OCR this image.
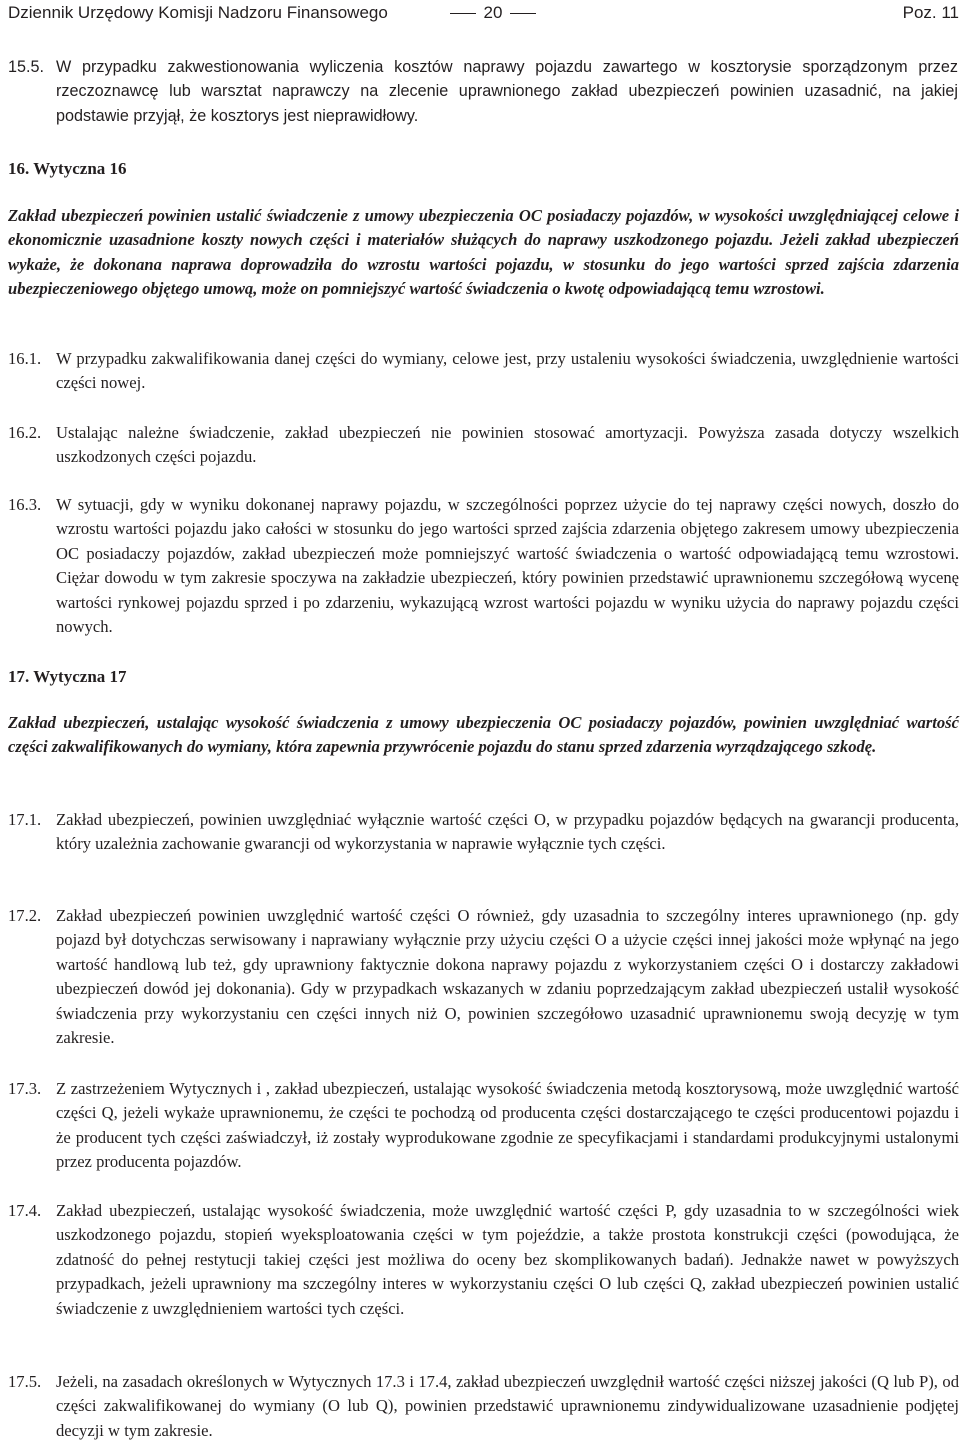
Dziennik Urzędowy Komisji Nadzoru Finansowego	20	Poz. 11
15.5. W przypadku zakwestionowania wyliczenia kosztów naprawy pojazdu zawartego w kosztorysie sporządzonym przez rzeczoznawcę lub warsztat naprawczy na zlecenie uprawnionego zakład ubezpieczeń powinien uzasadnić, na jakiej podstawie przyjął, że kosztorys jest nieprawidłowy.
16. Wytyczna 16
Zakład ubezpieczeń powinien ustalić świadczenie z umowy ubezpieczenia OC posiadaczy pojazdów, w wysokości uwzględniającej celowe i ekonomicznie uzasadnione koszty nowych części i materiałów służących do naprawy uszkodzonego pojazdu. Jeżeli zakład ubezpieczeń wykaże, że dokonana naprawa doprowadziła do wzrostu wartości pojazdu, w stosunku do jego wartości sprzed zajścia zdarzenia ubezpieczeniowego objętego umową, może on pomniejszyć wartość świadczenia o kwotę odpowiadającą temu wzrostowi.
16.1. W przypadku zakwalifikowania danej części do wymiany, celowe jest, przy ustaleniu wysokości świadczenia, uwzględnienie wartości części nowej.
16.2. Ustalając należne świadczenie, zakład ubezpieczeń nie powinien stosować amortyzacji. Powyższa zasada dotyczy wszelkich uszkodzonych części pojazdu.
16.3. W sytuacji, gdy w wyniku dokonanej naprawy pojazdu, w szczególności poprzez użycie do tej naprawy części nowych, doszło do wzrostu wartości pojazdu jako całości w stosunku do jego wartości sprzed zajścia zdarzenia objętego zakresem umowy ubezpieczenia OC posiadaczy pojazdów, zakład ubezpieczeń może pomniejszyć wartość świadczenia o wartość odpowiadającą temu wzrostowi. Ciężar dowodu w tym zakresie spoczywa na zakładzie ubezpieczeń, który powinien przedstawić uprawnionemu szczegółową wycenę wartości rynkowej pojazdu sprzed i po zdarzeniu, wykazującą wzrost wartości pojazdu w wyniku użycia do naprawy pojazdu części nowych.
17. Wytyczna 17
Zakład ubezpieczeń, ustalając wysokość świadczenia z umowy ubezpieczenia OC posiadaczy pojazdów, powinien uwzględniać wartość części zakwalifikowanych do wymiany, która zapewnia przywrócenie pojazdu do stanu sprzed zdarzenia wyrządzającego szkodę.
17.1. Zakład ubezpieczeń, powinien uwzględniać wyłącznie wartość części O, w przypadku pojazdów będących na gwarancji producenta, który uzależnia zachowanie gwarancji od wykorzystania w naprawie wyłącznie tych części.
17.2. Zakład ubezpieczeń powinien uwzględnić wartość części O również, gdy uzasadnia to szczególny interes uprawnionego (np. gdy pojazd był dotychczas serwisowany i naprawiany wyłącznie przy użyciu części O a użycie części innej jakości może wpłynąć na jego wartość handlową lub też, gdy uprawniony faktycznie dokona naprawy pojazdu z wykorzystaniem części O i dostarczy zakładowi ubezpieczeń dowód jej dokonania). Gdy w przypadkach wskazanych w zdaniu poprzedzającym zakład ubezpieczeń ustalił wysokość świadczenia przy wykorzystaniu cen części innych niż O, powinien szczegółowo uzasadnić uprawnionemu swoją decyzję w tym zakresie.
17.3. Z zastrzeżeniem Wytycznych i , zakład ubezpieczeń, ustalając wysokość świadczenia metodą kosztorysową, może uwzględnić wartość części Q, jeżeli wykaże uprawnionemu, że części te pochodzą od producenta części dostarczającego te części producentowi pojazdu i że producent tych części zaświadczył, iż zostały wyprodukowane zgodnie ze specyfikacjami i standardami produkcyjnymi ustalonymi przez producenta pojazdów.
17.4. Zakład ubezpieczeń, ustalając wysokość świadczenia, może uwzględnić wartość części P, gdy uzasadnia to w szczególności wiek uszkodzonego pojazdu, stopień wyeksploatowania części w tym pojeździe, a także prostota konstrukcji części (powodująca, że zdatność do pełnej restytucji takiej części jest możliwa do oceny bez skomplikowanych badań). Jednakże nawet w powyższych przypadkach, jeżeli uprawniony ma szczególny interes w wykorzystaniu części O lub części Q, zakład ubezpieczeń powinien ustalić świadczenie z uwzględnieniem wartości tych części.
17.5. Jeżeli, na zasadach określonych w Wytycznych 17.3 i 17.4, zakład ubezpieczeń uwzględnił wartość części niższej jakości (Q lub P), od części zakwalifikowanej do wymiany (O lub Q), powinien przedstawić uprawnionemu zindywidualizowane uzasadnienie podjętej decyzji w tym zakresie.
